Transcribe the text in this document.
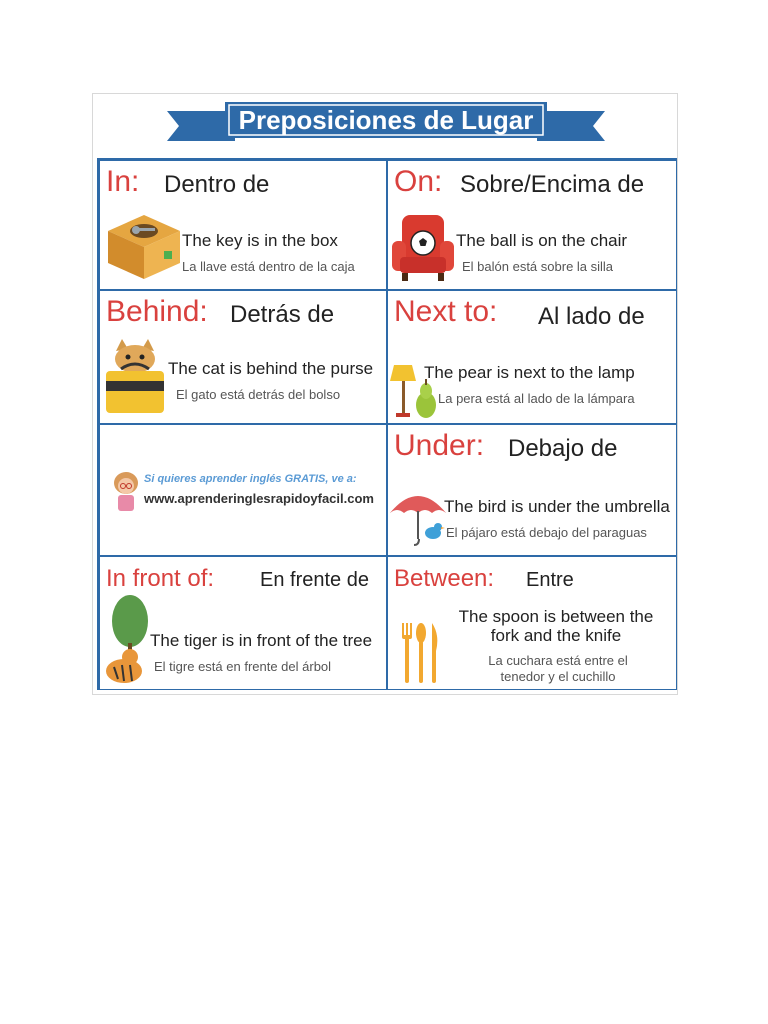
Preposiciones de Lugar
In: Dentro de
The key is in the box
La llave está dentro de la caja
On: Sobre/Encima de
The ball is on the chair
El balón está sobre la silla
Behind: Detrás de
The cat is behind the purse
El gato está detrás del bolso
Next to: Al lado de
The pear is next to the lamp
La pera está al lado de la lámpara
Si quieres aprender inglés GRATIS, ve a:
www.aprenderinglesrapidoyfacil.com
Under: Debajo de
The bird is under the umbrella
El pájaro está debajo del paraguas
In front of: En frente de
The tiger is in front of the tree
El tigre está en frente del árbol
Between: Entre
The spoon is between the
fork and the knife
La cuchara está entre el
tenedor y el cuchillo
